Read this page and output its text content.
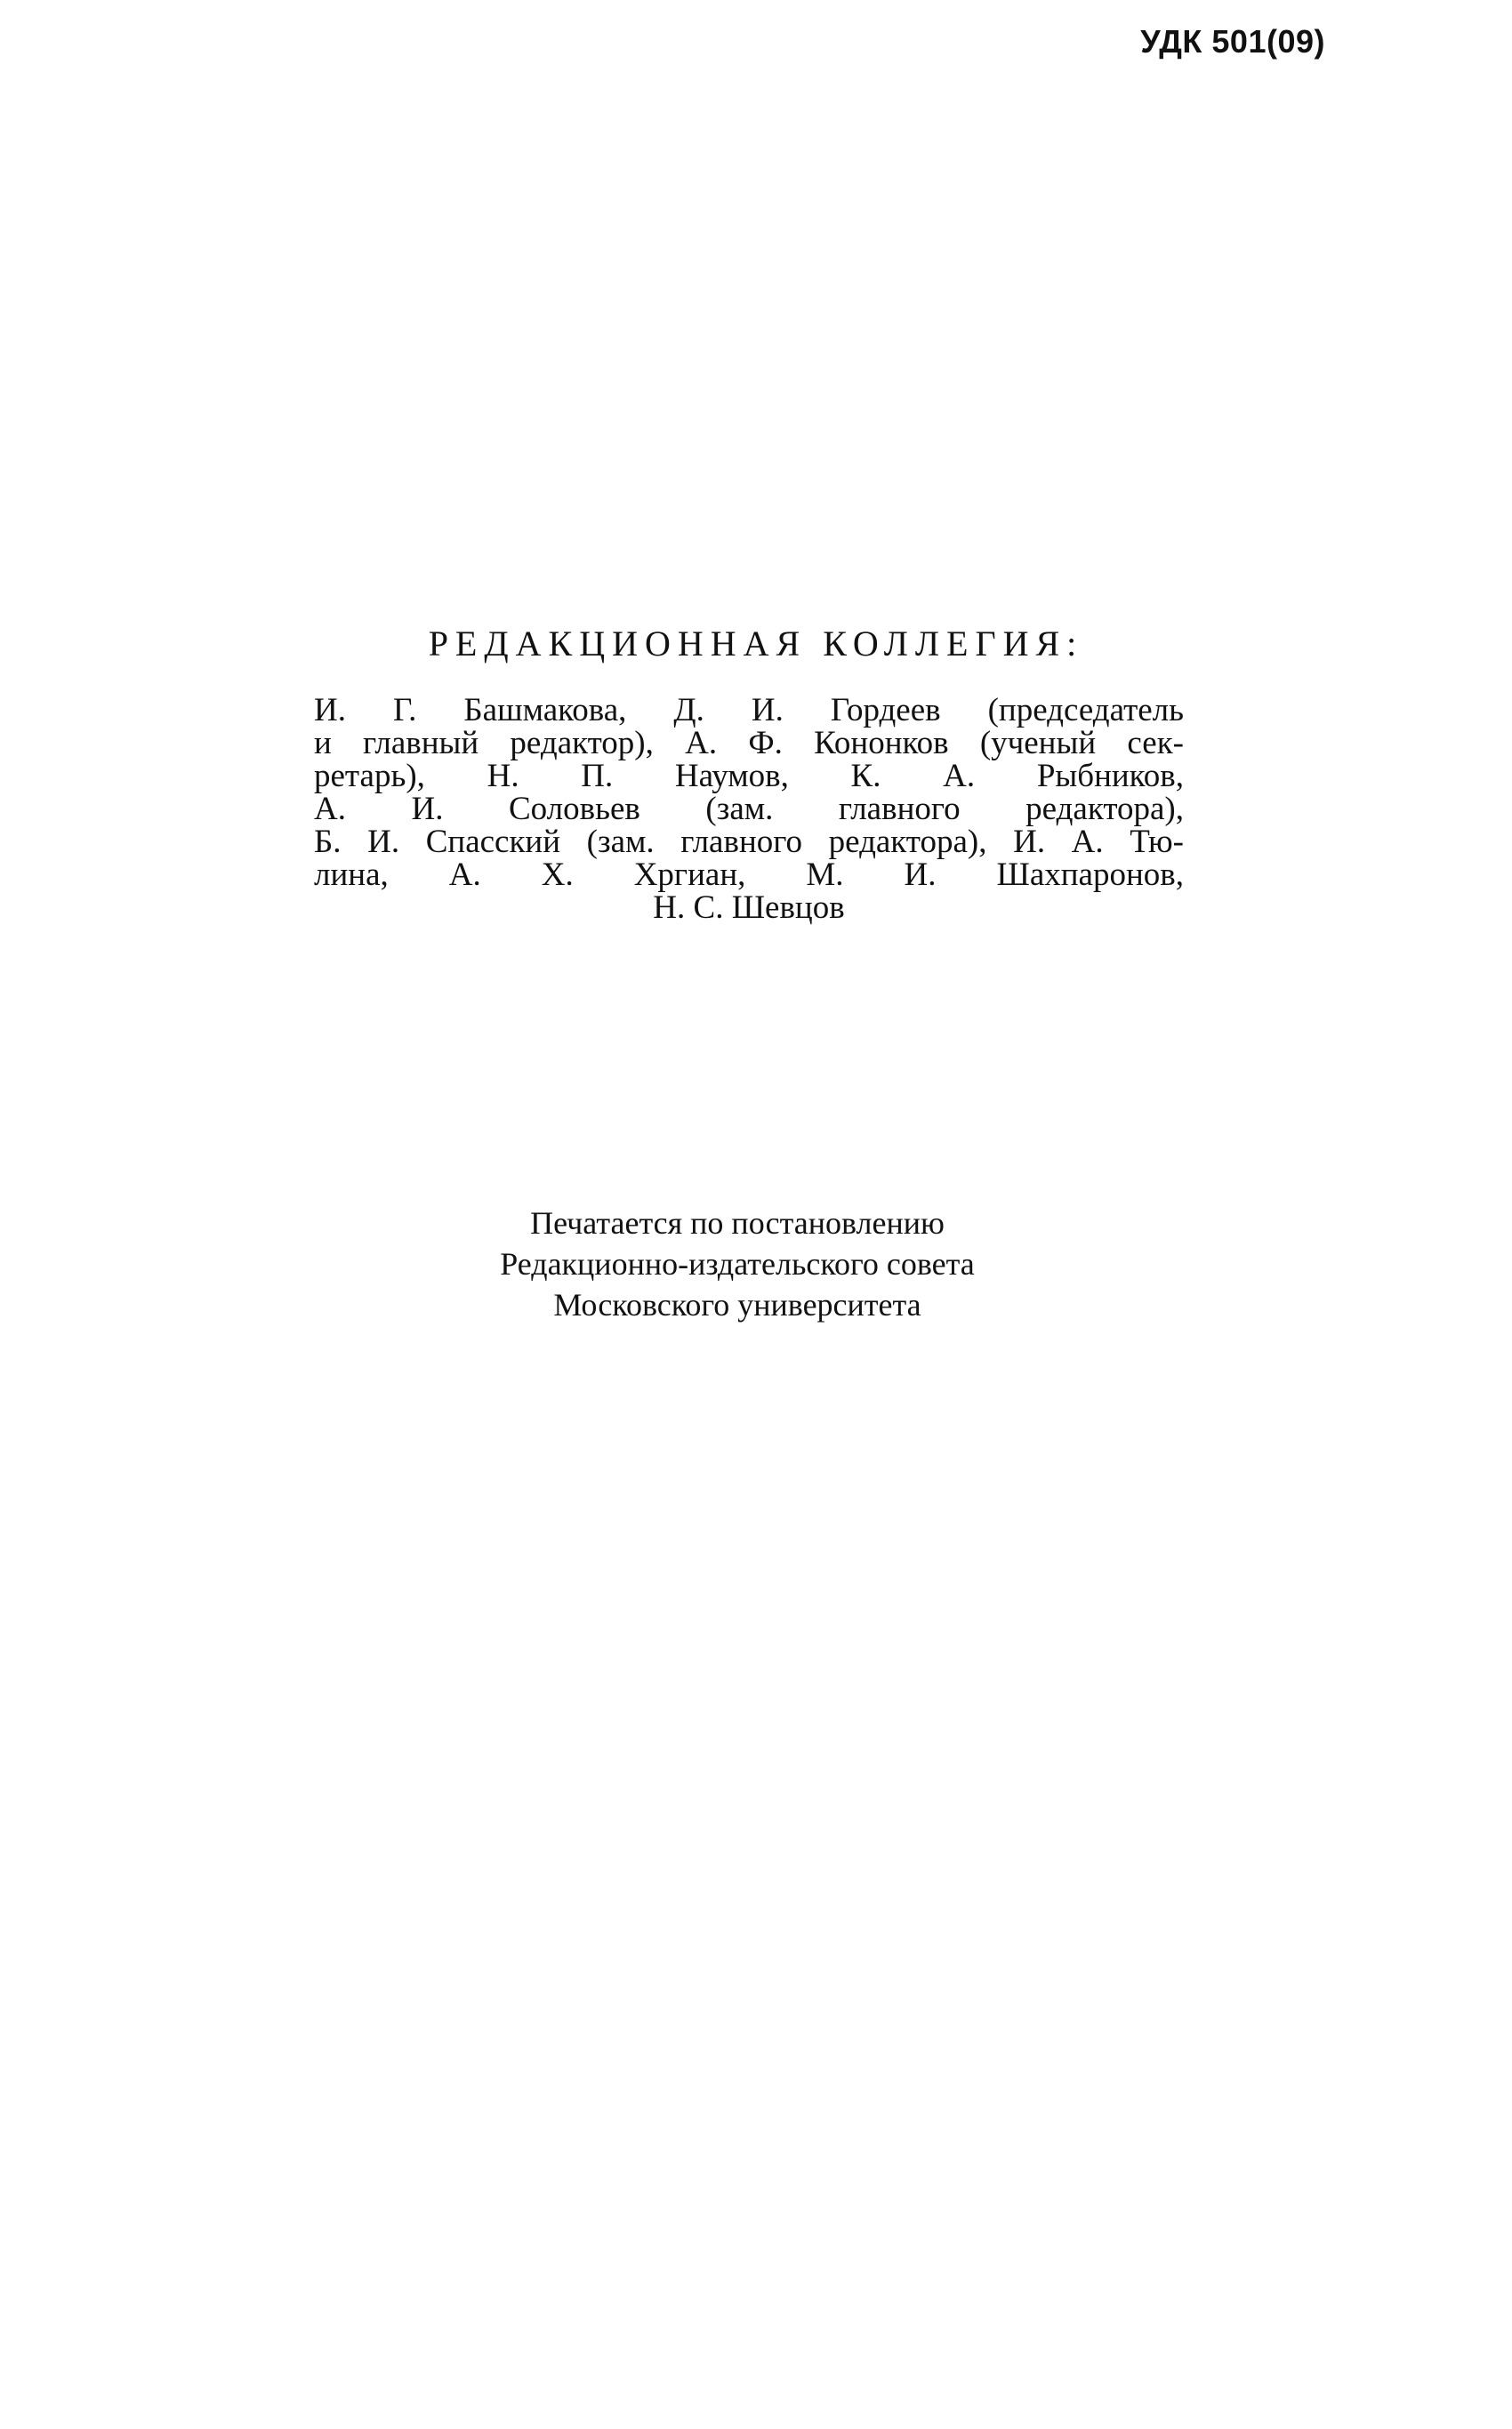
УДК 501(09)
РЕДАКЦИОННАЯ КОЛЛЕГИЯ:
И. Г. Башмакова, Д. И. Гордеев (председатель
и главный редактор), А. Ф. Кононков (ученый сек-
ретарь), Н. П. Наумов, К. А. Рыбников,
А. И. Соловьев (зам. главного редактора),
Б. И. Спасский (зам. главного редактора), И. А. Тю-
лина, А. Х. Хргиан, М. И. Шахпаронов,
Н. С. Шевцов
Печатается по постановлению
Редакционно-издательского совета
Московского университета
